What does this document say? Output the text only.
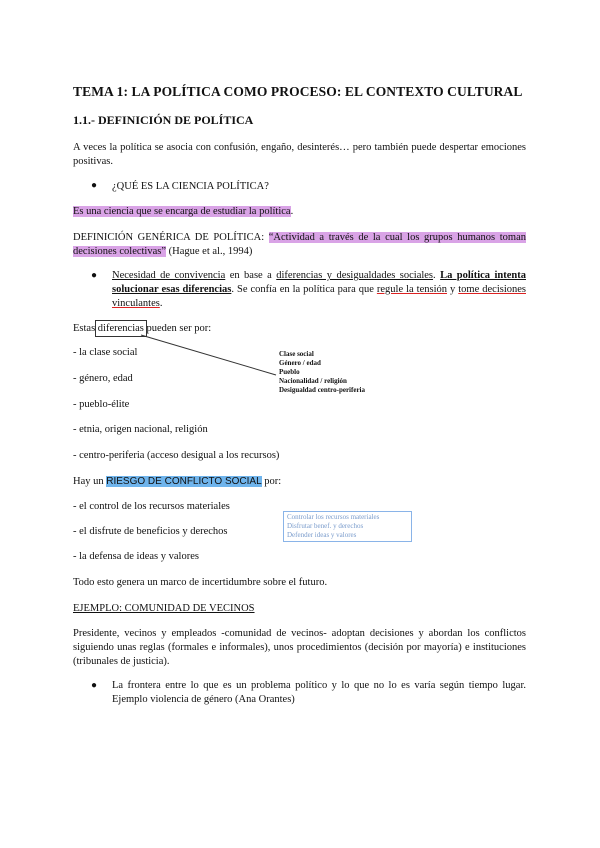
TEMA 1: LA POLÍTICA COMO PROCESO: EL CONTEXTO CULTURAL
1.1.- DEFINICIÓN DE POLÍTICA
A veces la política se asocia con confusión, engaño, desinterés… pero también puede despertar emociones positivas.
● ¿QUÉ ES LA CIENCIA POLÍTICA?
Es una ciencia que se encarga de estudiar la política.
DEFINICIÓN GENÉRICA DE POLÍTICA: “Actividad a través de la cual los grupos humanos toman decisiones colectivas” (Hague et al., 1994)
● Necesidad de convivencia en base a diferencias y desigualdades sociales. La política intenta solucionar esas diferencias. Se confía en la política para que regule la tensión y tome decisiones vinculantes.
Estas diferencias pueden ser por:
- la clase social
- género, edad
- pueblo-élite
- etnia, origen nacional, religión
- centro-periferia (acceso desigual a los recursos)
Clase social
Género / edad
Pueblo
Nacionalidad / religión
Desigualdad centro-periferia
Hay un RIESGO DE CONFLICTO SOCIAL por:
- el control de los recursos materiales
- el disfrute de beneficios y derechos
- la defensa de ideas y valores
Controlar los recursos materiales
Disfrutar benef. y derechos
Defender ideas y valores
Todo esto genera un marco de incertidumbre sobre el futuro.
EJEMPLO: COMUNIDAD DE VECINOS
Presidente, vecinos y empleados -comunidad de vecinos- adoptan decisiones y abordan los conflictos siguiendo unas reglas (formales e informales), unos procedimientos (decisión por mayoría) e instituciones (tribunales de justicia).
● La frontera entre lo que es un problema político y lo que no lo es varía según tiempo lugar. Ejemplo violencia de género (Ana Orantes)
